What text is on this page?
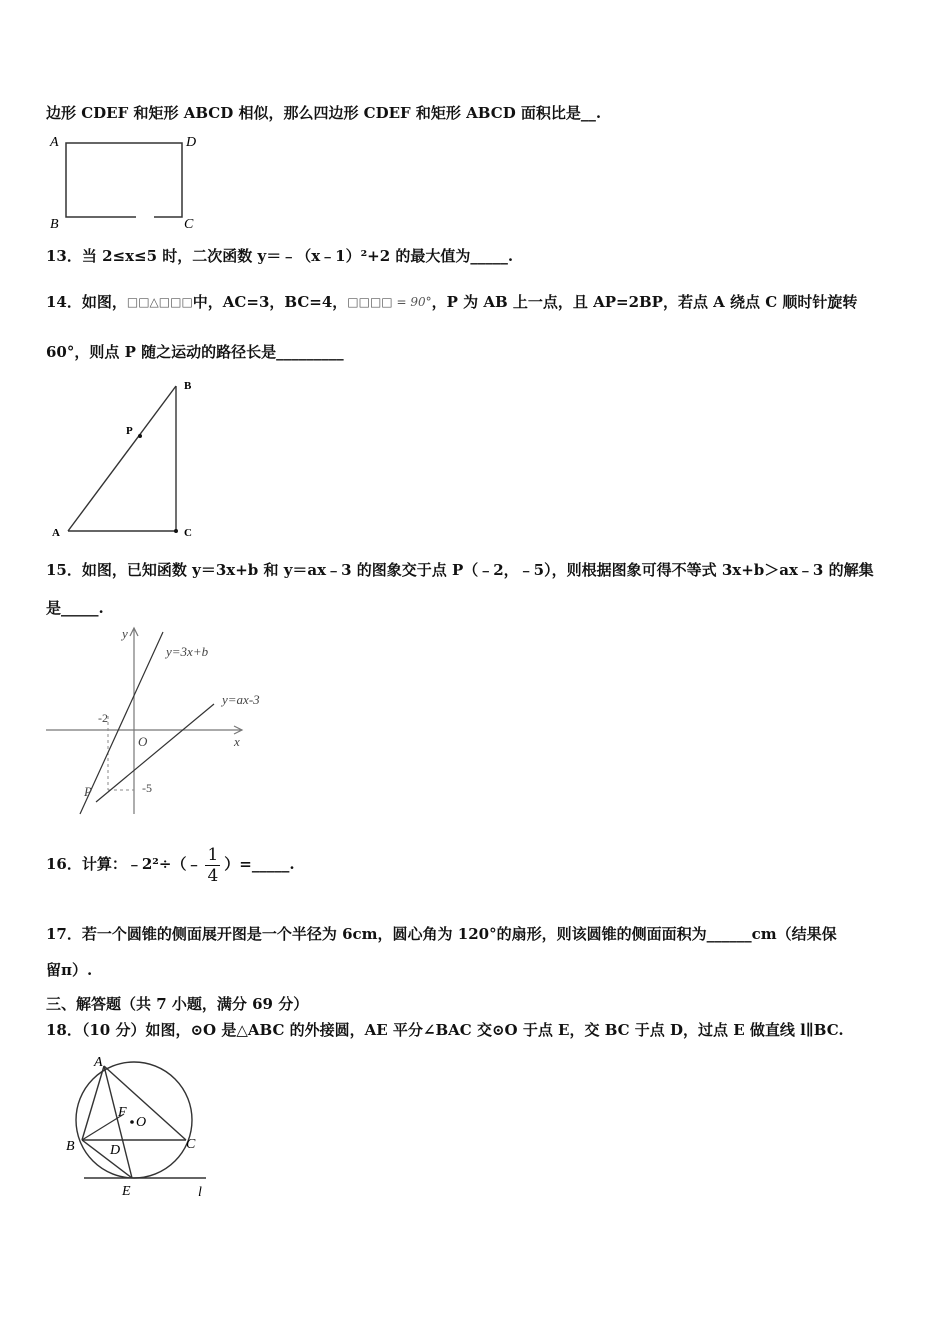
边形 CDEF 和矩形 ABCD 相似，那么四边形 CDEF 和矩形 ABCD 面积比是__.
A	D
B	C
13．当 2≤x≤5 时，二次函数 y＝﹣（x﹣1）²+2 的最大值为_____.
14．如图，□□△□□□中，AC=3，BC=4，$^{□□□□ = 90^\circ}$，P 为 AB 上一点，且 AP=2BP，若点 A 绕点 C 顺时针旋转
60°，则点 P 随之运动的路径长是_________
B
P
A	C
15．如图，已知函数 y＝3x+b 和 y＝ax﹣3 的图象交于点 P（﹣2，﹣5），则根据图象可得不等式 3x+b＞ax﹣3 的解集
是_____.
y
x
O
y=3x+b
y=ax-3
-2
-5
P
16．计算：﹣2²÷（﹣ $\frac{1}{4}$ ）=_____.
17．若一个圆锥的侧面展开图是一个半径为 6cm，圆心角为 120°的扇形，则该圆锥的侧面面积为______cm（结果保
留π）.
三、解答题（共 7 小题，满分 69 分）
18．（10 分）如图，⊙O 是△ABC 的外接圆，AE 平分∠BAC 交⊙O 于点 E，交 BC 于点 D，过点 E 做直线 l∥BC.
A
B	C
D
E
F
O
l
